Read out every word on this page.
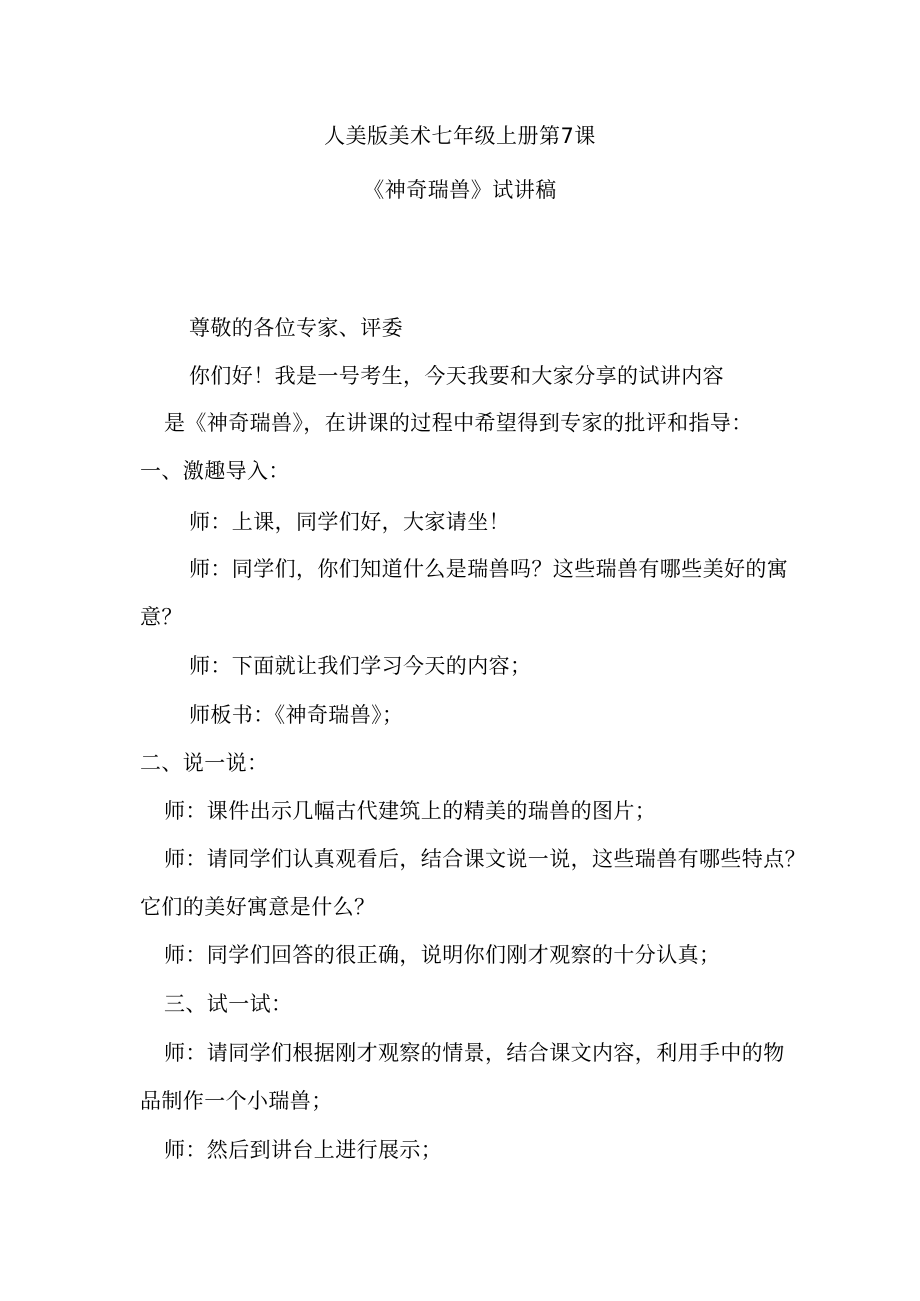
人美版美术七年级上册第7课
《神奇瑞兽》试讲稿
尊敬的各位专家、评委
你们好！我是一号考生，今天我要和大家分享的试讲内容
是《神奇瑞兽》，在讲课的过程中希望得到专家的批评和指导：
一、激趣导入：
师：上课，同学们好，大家请坐！
师：同学们，你们知道什么是瑞兽吗？这些瑞兽有哪些美好的寓
意？
师：下面就让我们学习今天的内容；
师板书：《神奇瑞兽》；
二、说一说：
师：课件出示几幅古代建筑上的精美的瑞兽的图片；
师：请同学们认真观看后，结合课文说一说，这些瑞兽有哪些特点？
它们的美好寓意是什么？
师：同学们回答的很正确，说明你们刚才观察的十分认真；
三、试一试：
师：请同学们根据刚才观察的情景，结合课文内容，利用手中的物
品制作一个小瑞兽；
师：然后到讲台上进行展示；
